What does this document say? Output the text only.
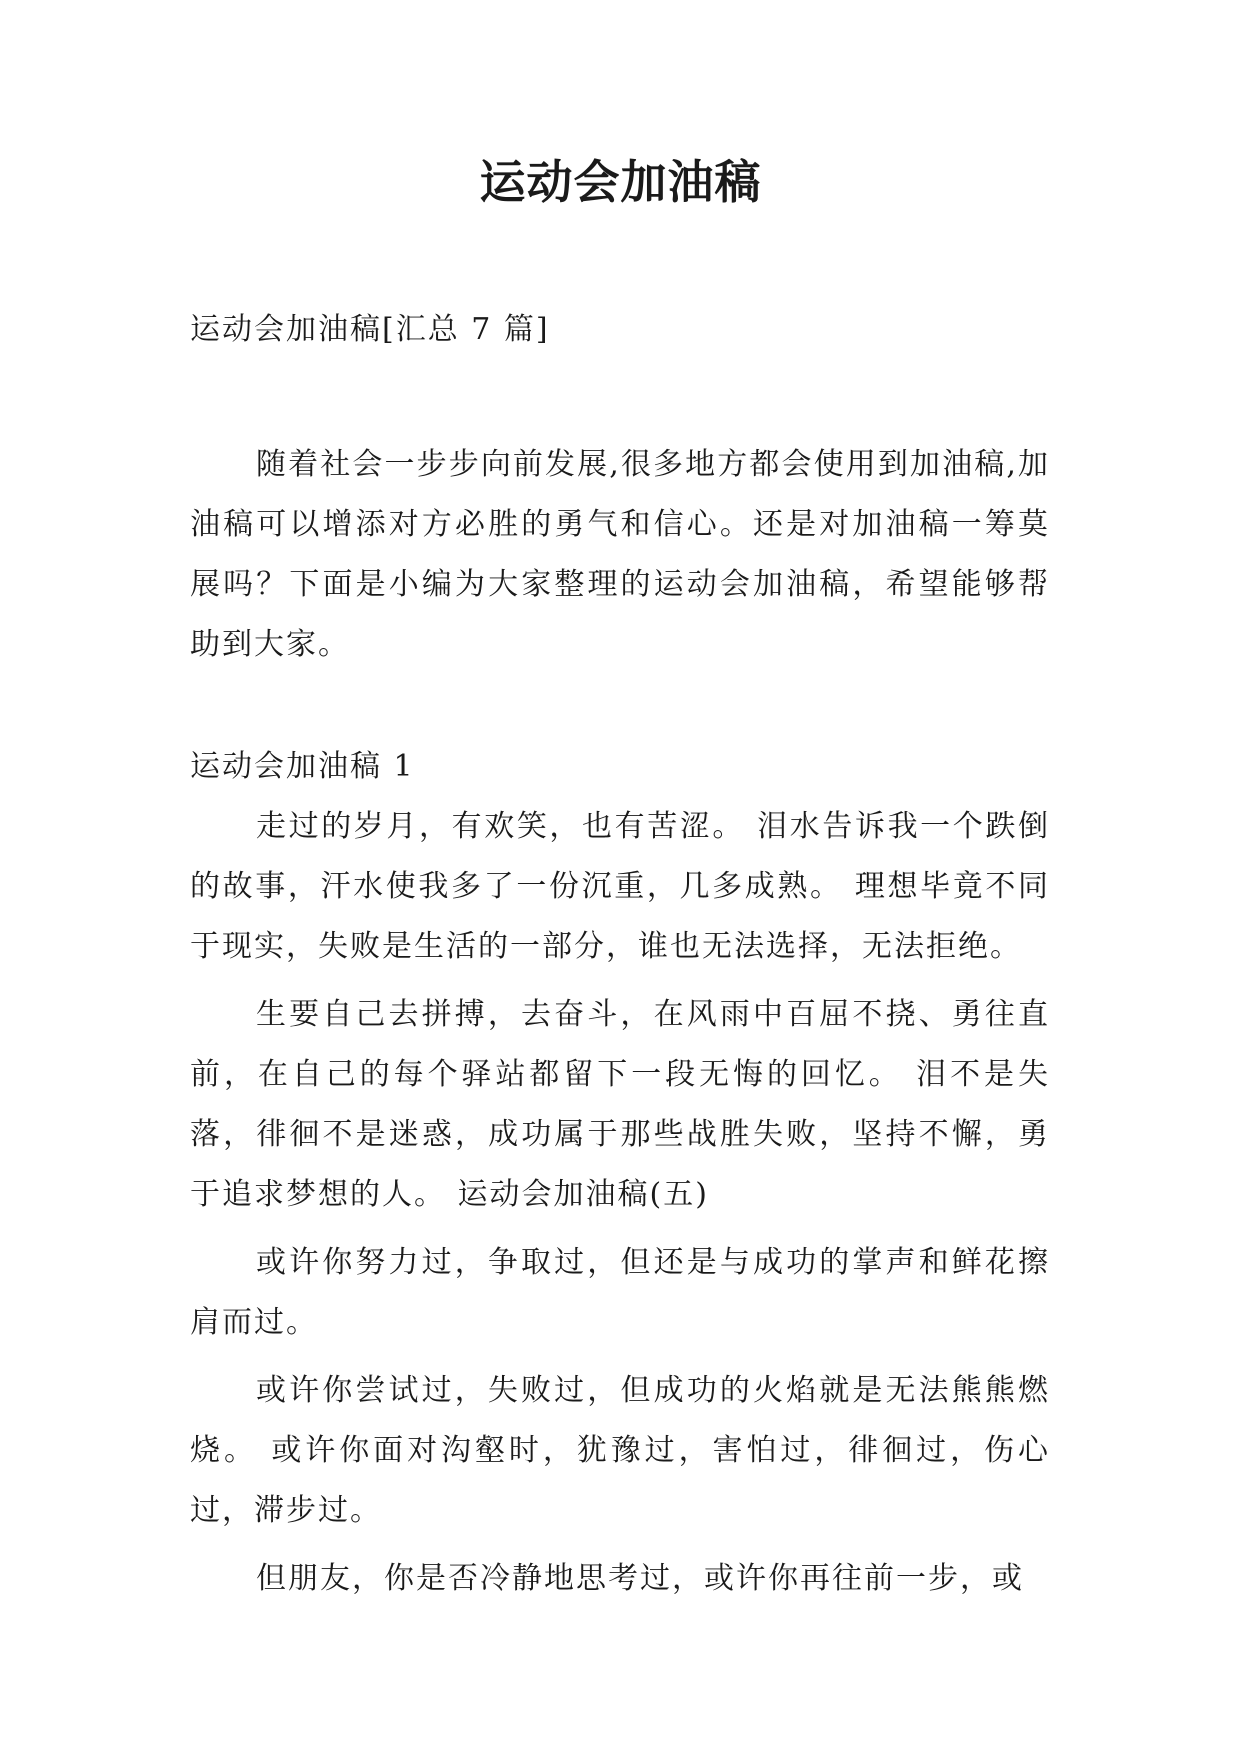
运动会加油稿

运动会加油稿[汇总 7 篇]

随着社会一步步向前发展,很多地方都会使用到加油稿,加油稿可以增添对方必胜的勇气和信心。还是对加油稿一筹莫展吗？下面是小编为大家整理的运动会加油稿，希望能够帮助到大家。

运动会加油稿 1

走过的岁月，有欢笑，也有苦涩。 泪水告诉我一个跌倒的故事，汗水使我多了一份沉重，几多成熟。 理想毕竟不同于现实，失败是生活的一部分，谁也无法选择，无法拒绝。

生要自己去拼搏，去奋斗，在风雨中百屈不挠、勇往直前，在自己的每个驿站都留下一段无悔的回忆。 泪不是失落，徘徊不是迷惑，成功属于那些战胜失败，坚持不懈，勇于追求梦想的人。 运动会加油稿(五)

或许你努力过，争取过，但还是与成功的掌声和鲜花擦肩而过。

或许你尝试过，失败过，但成功的火焰就是无法熊熊燃烧。 或许你面对沟壑时，犹豫过，害怕过，徘徊过，伤心过，滞步过。

但朋友，你是否冷静地思考过，或许你再往前一步，或
